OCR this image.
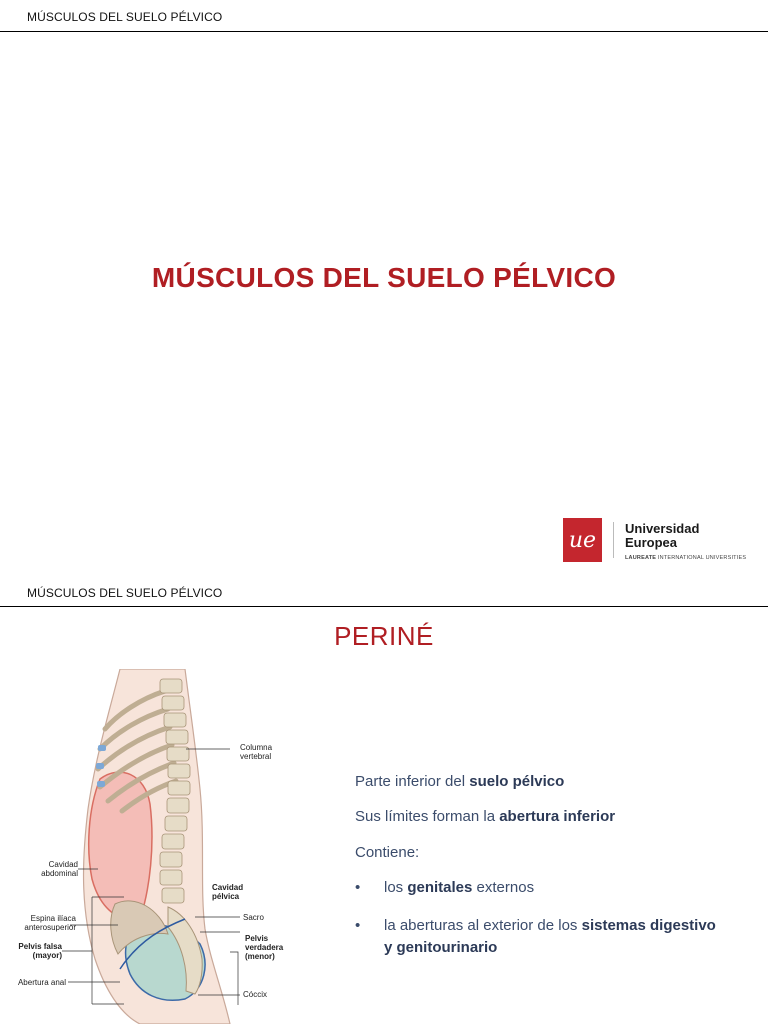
MÚSCULOS DEL SUELO PÉLVICO
MÚSCULOS DEL SUELO PÉLVICO
ue	Universidad
Europea
LAUREATE INTERNATIONAL UNIVERSITIES
MÚSCULOS DEL SUELO PÉLVICO
PERINÉ
Columna
vertebral
Cavidad
abdominal
Cavidad
pélvica
Sacro
Espina ilíaca
anterosuperior
Pelvis falsa
(mayor)
Pelvis
verdadera
(menor)
Abertura anal
Cóccix
Parte inferior del suelo pélvico
Sus límites forman la abertura inferior
Contiene:
• los genitales externos
• la aberturas al exterior de los sistemas digestivo y genitourinario
